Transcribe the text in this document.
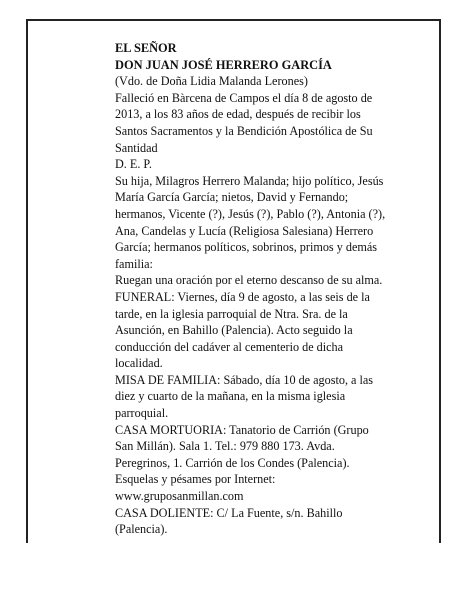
EL SEÑOR
DON JUAN JOSÉ HERRERO GARCÍA
(Vdo. de Doña Lidia Malanda Lerones)
Falleció en Bàrcena de Campos el día 8 de agosto de
2013, a los 83 años de edad, después de recibir los
Santos Sacramentos y la Bendición Apostólica de Su
Santidad
D. E. P.
Su hija, Milagros Herrero Malanda; hijo político, Jesús
María García García; nietos, David y Fernando;
hermanos, Vicente (?), Jesús (?), Pablo (?), Antonia (?),
Ana, Candelas y Lucía (Religiosa Salesiana) Herrero
García; hermanos políticos, sobrinos, primos y demás
familia:
Ruegan una oración por el eterno descanso de su alma.
FUNERAL: Viernes, día 9 de agosto, a las seis de la
tarde, en la iglesia parroquial de Ntra. Sra. de la
Asunción, en Bahillo (Palencia). Acto seguido la
conducción del cadáver al cementerio de dicha
localidad.
MISA DE FAMILIA: Sábado, día 10 de agosto, a las
diez y cuarto de la mañana, en la misma iglesia
parroquial.
CASA MORTUORIA: Tanatorio de Carrión (Grupo
San Millán). Sala 1. Tel.: 979 880 173. Avda.
Peregrinos, 1. Carrión de los Condes (Palencia).
Esquelas y pésames por Internet:
www.gruposanmillan.com
CASA DOLIENTE: C/ La Fuente, s/n. Bahillo
(Palencia).
